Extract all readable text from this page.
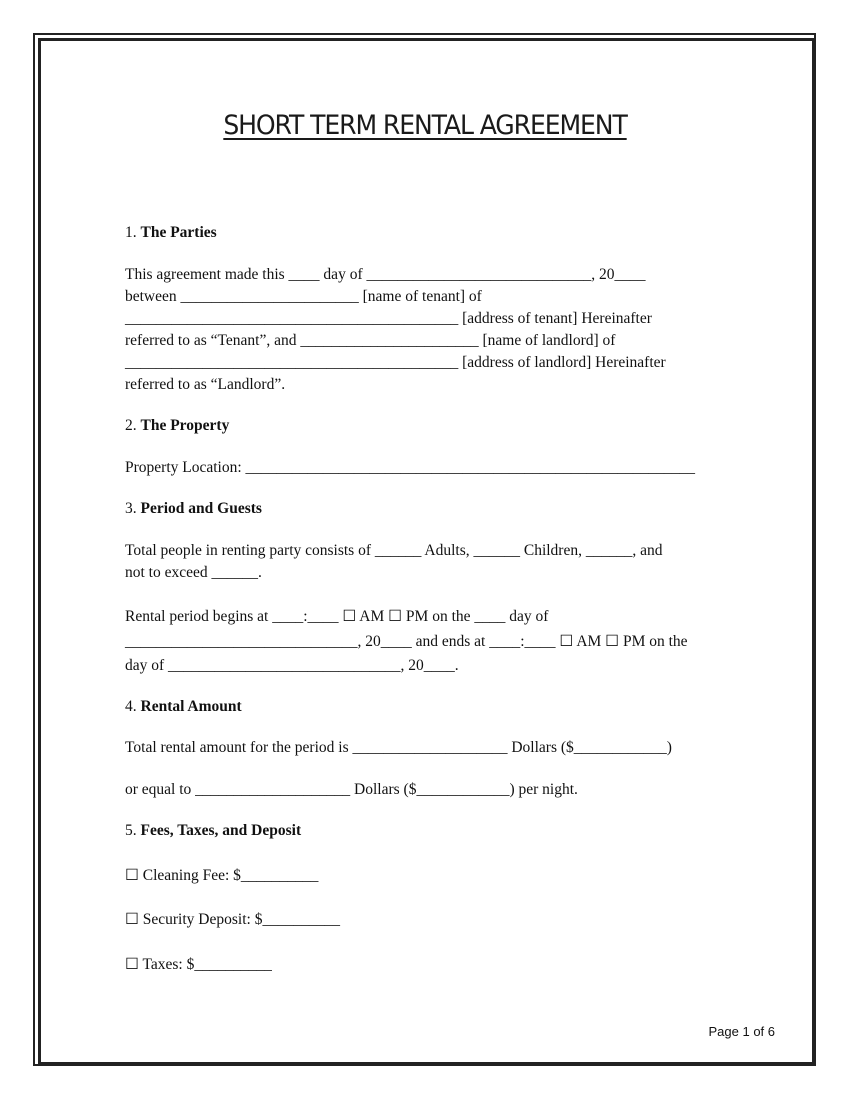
SHORT TERM RENTAL AGREEMENT
1. The Parties
This agreement made this ____ day of _____________________________, 20____
between _______________________ [name of tenant] of
___________________________________________ [address of tenant] Hereinafter
referred to as “Tenant”, and _______________________ [name of landlord] of
___________________________________________ [address of landlord] Hereinafter
referred to as “Landlord”.
2. The Property
Property Location: __________________________________________________________
3. Period and Guests
Total people in renting party consists of ______ Adults, ______ Children, ______, and
not to exceed ______.
Rental period begins at ____:____ ☐ AM ☐ PM on the ____ day of
______________________________, 20____ and ends at ____:____ ☐ AM ☐ PM on the
day of ______________________________, 20____.
4. Rental Amount
Total rental amount for the period is ____________________ Dollars ($____________)
or equal to ____________________ Dollars ($____________) per night.
5. Fees, Taxes, and Deposit
☐ Cleaning Fee: $__________
☐ Security Deposit: $__________
☐ Taxes: $__________
Page 1 of 6
